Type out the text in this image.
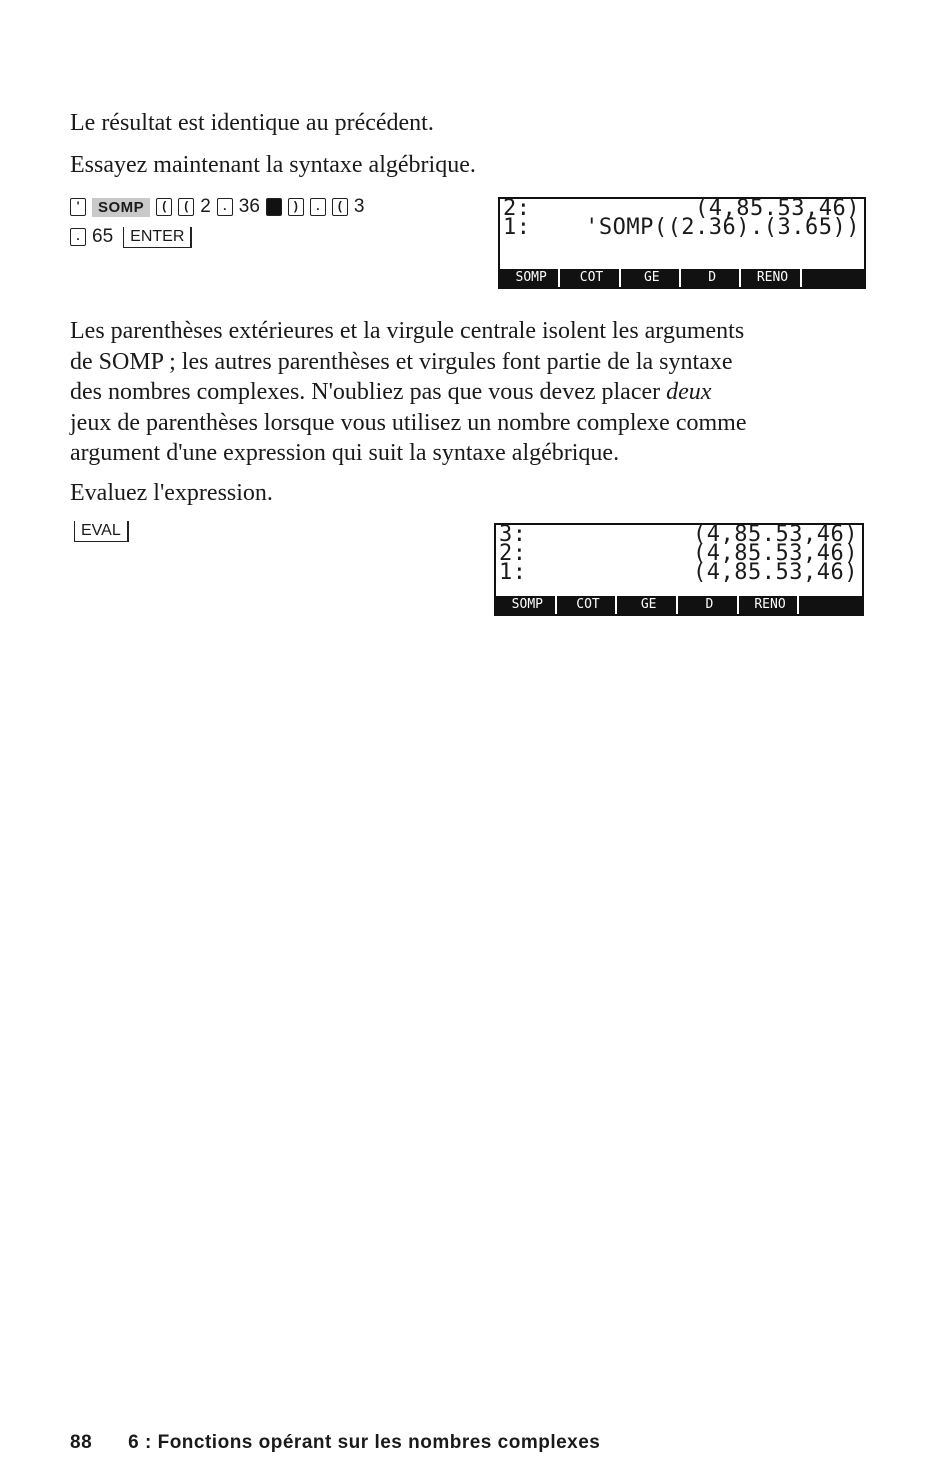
Le résultat est identique au précédent.

Essayez maintenant la syntaxe algébrique.

'	SOMP	(	( 2	. 36	)	.	( 3
. 65	ENTER
2:	(4,85.53,46)
1: 'SOMP((2.36).(3.65))
SOMP	COT	GE	D	RENO
Les parenthèses extérieures et la virgule centrale isolent les arguments
de SOMP ; les autres parenthèses et virgules font partie de la syntaxe
des nombres complexes. N'oubliez pas que vous devez placer deux
jeux de parenthèses lorsque vous utilisez un nombre complexe comme
argument d'une expression qui suit la syntaxe algébrique.

Evaluez l'expression.

EVAL	3:	(4,85.53,46)
2:	(4,85.53,46)
1:	(4,85.53,46)
SOMP	COT	GE	D	RENO
88 6 : Fonctions opérant sur les nombres complexes
